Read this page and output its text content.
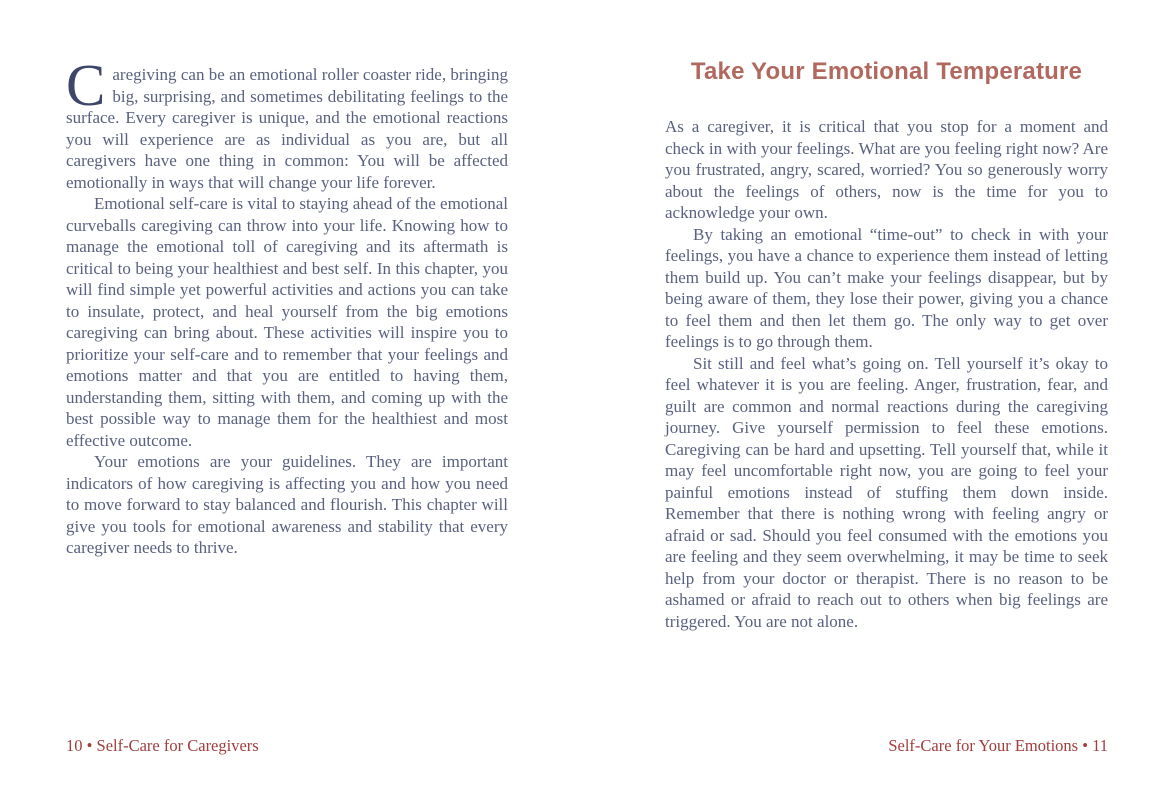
Caregiving can be an emotional roller coaster ride, bringing big, surprising, and sometimes debilitating feelings to the surface. Every caregiver is unique, and the emotional reactions you will experience are as individual as you are, but all caregivers have one thing in common: You will be affected emotionally in ways that will change your life forever.

Emotional self-care is vital to staying ahead of the emotional curveballs caregiving can throw into your life. Knowing how to manage the emotional toll of caregiving and its aftermath is critical to being your healthiest and best self. In this chapter, you will find simple yet powerful activities and actions you can take to insulate, protect, and heal yourself from the big emotions caregiving can bring about. These activities will inspire you to prioritize your self-care and to remember that your feelings and emotions matter and that you are entitled to having them, understanding them, sitting with them, and coming up with the best possible way to manage them for the healthiest and most effective outcome.

Your emotions are your guidelines. They are important indicators of how caregiving is affecting you and how you need to move forward to stay balanced and flourish. This chapter will give you tools for emotional awareness and stability that every caregiver needs to thrive.

10 • Self-Care for Caregivers
Take Your Emotional Temperature

As a caregiver, it is critical that you stop for a moment and check in with your feelings. What are you feeling right now? Are you frustrated, angry, scared, worried? You so generously worry about the feelings of others, now is the time for you to acknowledge your own.

By taking an emotional “time-out” to check in with your feelings, you have a chance to experience them instead of letting them build up. You can’t make your feelings disappear, but by being aware of them, they lose their power, giving you a chance to feel them and then let them go. The only way to get over feelings is to go through them.

Sit still and feel what’s going on. Tell yourself it’s okay to feel whatever it is you are feeling. Anger, frustration, fear, and guilt are common and normal reactions during the caregiving journey. Give yourself permission to feel these emotions. Caregiving can be hard and upsetting. Tell yourself that, while it may feel uncomfortable right now, you are going to feel your painful emotions instead of stuffing them down inside. Remember that there is nothing wrong with feeling angry or afraid or sad. Should you feel consumed with the emotions you are feeling and they seem overwhelming, it may be time to seek help from your doctor or therapist. There is no reason to be ashamed or afraid to reach out to others when big feelings are triggered. You are not alone.

Self-Care for Your Emotions • 11
